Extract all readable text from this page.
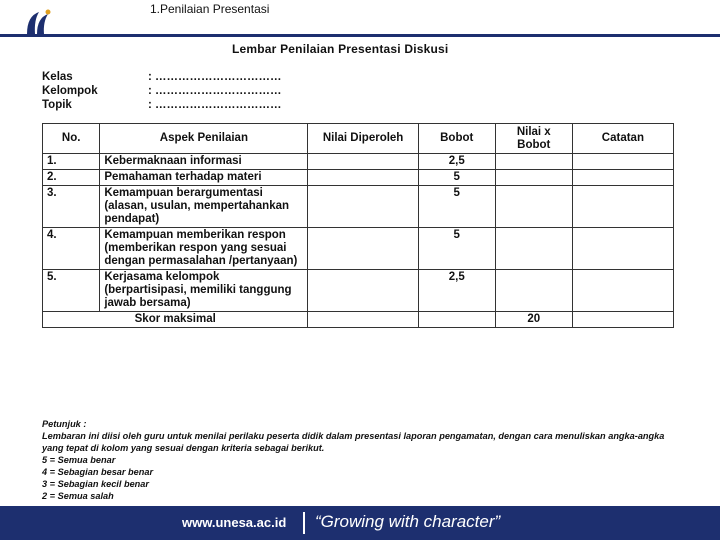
1.Penilaian Presentasi
Lembar Penilaian Presentasi Diskusi
Kelas	: ……………………………
Kelompok	: ……………………………
Topik	: ……………………………
No.	Aspek Penilaian	Nilai Diperoleh	Bobot	Nilai x Bobot	Catatan
1.	Kebermaknaan informasi		2,5		
2.	Pemahaman terhadap materi		5		
3.	Kemampuan berargumentasi (alasan, usulan, mempertahankan pendapat)		5		
4.	Kemampuan memberikan respon (memberikan respon yang sesuai dengan permasalahan /pertanyaan)		5		
5.	Kerjasama kelompok (berpartisipasi, memiliki tanggung jawab bersama)		2,5		
Skor maksimal				20	
Petunjuk :
Lembaran ini diisi oleh guru untuk menilai perilaku peserta didik dalam presentasi laporan pengamatan, dengan cara menuliskan angka-angka yang tepat di kolom yang sesuai dengan kriteria sebagai berikut.
5 = Semua benar
4 = Sebagian besar benar
3 = Sebagian kecil benar
2 = Semua salah
www.unesa.ac.id “Growing with character”
